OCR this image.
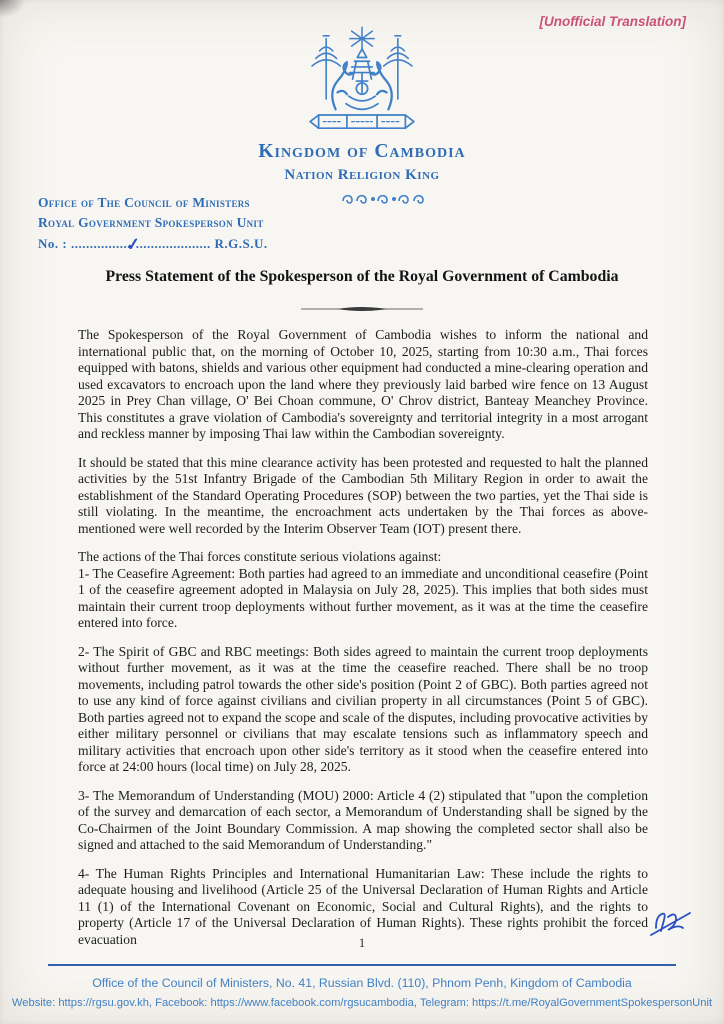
[Unofficial Translation]
Kingdom of Cambodia
Nation Religion King
Office of The Council of Ministers
Royal Government Spokesperson Unit
No. : ................✓.................... R.G.S.U.
Press Statement of the Spokesperson of the Royal Government of Cambodia

The Spokesperson of the Royal Government of Cambodia wishes to inform the national and international public that, on the morning of October 10, 2025, starting from 10:30 a.m., Thai forces equipped with batons, shields and various other equipment had conducted a mine-clearing operation and used excavators to encroach upon the land where they previously laid barbed wire fence on 13 August 2025 in Prey Chan village, O' Bei Choan commune, O' Chrov district, Banteay Meanchey Province. This constitutes a grave violation of Cambodia's sovereignty and territorial integrity in a most arrogant and reckless manner by imposing Thai law within the Cambodian sovereignty.

It should be stated that this mine clearance activity has been protested and requested to halt the planned activities by the 51st Infantry Brigade of the Cambodian 5th Military Region in order to await the establishment of the Standard Operating Procedures (SOP) between the two parties, yet the Thai side is still violating. In the meantime, the encroachment acts undertaken by the Thai forces as above-mentioned were well recorded by the Interim Observer Team (IOT) present there.

The actions of the Thai forces constitute serious violations against:

1- The Ceasefire Agreement: Both parties had agreed to an immediate and unconditional ceasefire (Point 1 of the ceasefire agreement adopted in Malaysia on July 28, 2025). This implies that both sides must maintain their current troop deployments without further movement, as it was at the time the ceasefire entered into force.

2- The Spirit of GBC and RBC meetings: Both sides agreed to maintain the current troop deployments without further movement, as it was at the time the ceasefire reached. There shall be no troop movements, including patrol towards the other side's position (Point 2 of GBC). Both parties agreed not to use any kind of force against civilians and civilian property in all circumstances (Point 5 of GBC). Both parties agreed not to expand the scope and scale of the disputes, including provocative activities by either military personnel or civilians that may escalate tensions such as inflammatory speech and military activities that encroach upon other side's territory as it stood when the ceasefire entered into force at 24:00 hours (local time) on July 28, 2025.

3- The Memorandum of Understanding (MOU) 2000: Article 4 (2) stipulated that "upon the completion of the survey and demarcation of each sector, a Memorandum of Understanding shall be signed by the Co-Chairmen of the Joint Boundary Commission. A map showing the completed sector shall also be signed and attached to the said Memorandum of Understanding."

4- The Human Rights Principles and International Humanitarian Law: These include the rights to adequate housing and livelihood (Article 25 of the Universal Declaration of Human Rights and Article 11 (1) of the International Covenant on Economic, Social and Cultural Rights), and the rights to property (Article 17 of the Universal Declaration of Human Rights). These rights prohibit the forced evacuation	1
Office of the Council of Ministers, No. 41, Russian Blvd. (110), Phnom Penh, Kingdom of Cambodia
Website: https://rgsu.gov.kh, Facebook: https://www.facebook.com/rgsucambodia, Telegram: https://t.me/RoyalGovernmentSpokespersonUnit
